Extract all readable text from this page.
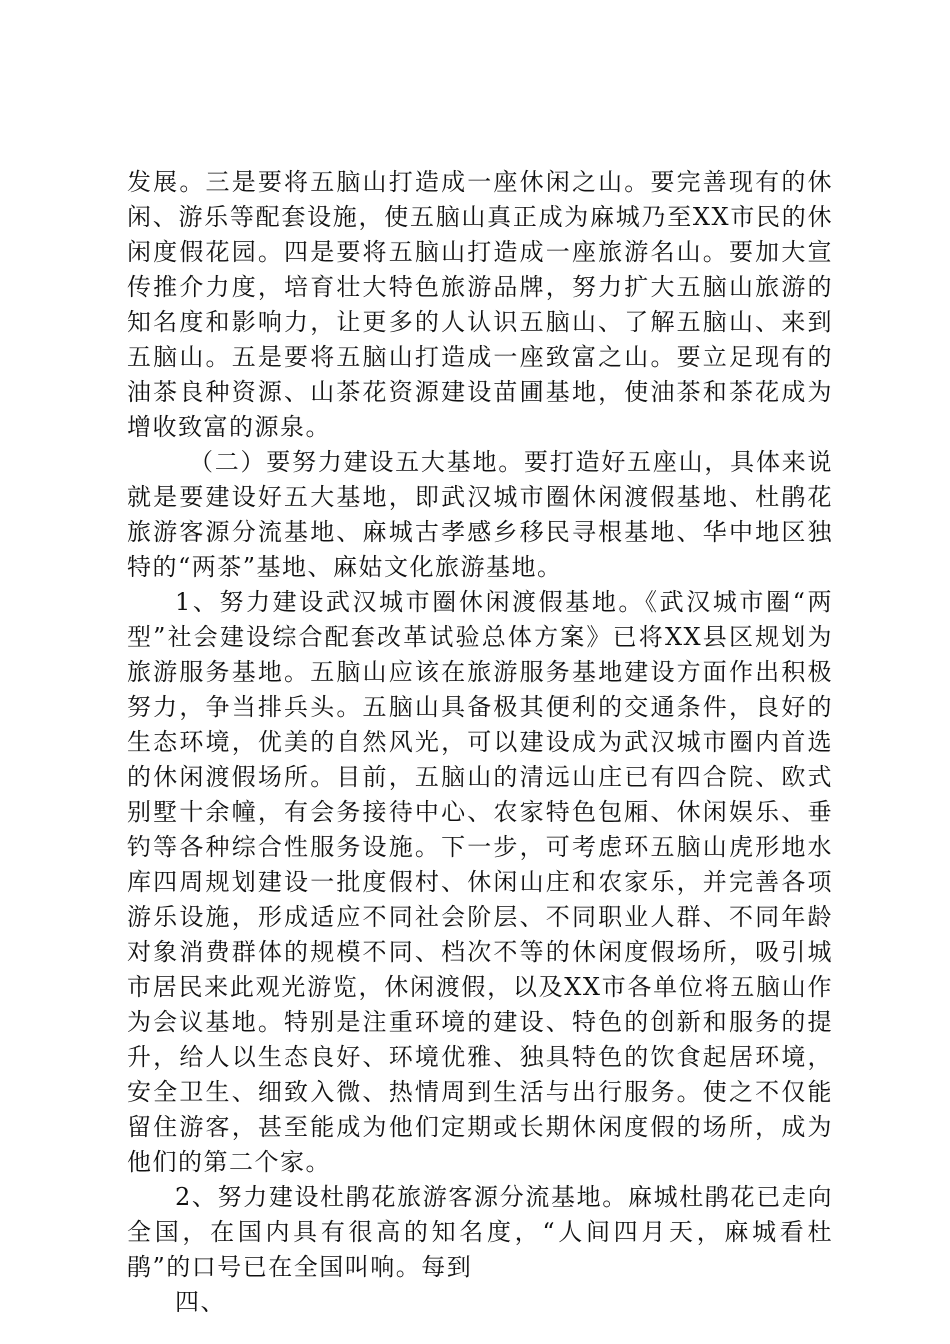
发展。三是要将五脑山打造成一座休闲之山。要完善现有的休闲、游乐等配套设施，使五脑山真正成为麻城乃至XX市民的休闲度假花园。四是要将五脑山打造成一座旅游名山。要加大宣传推介力度，培育壮大特色旅游品牌，努力扩大五脑山旅游的知名度和影响力，让更多的人认识五脑山、了解五脑山、来到五脑山。五是要将五脑山打造成一座致富之山。要立足现有的油茶良种资源、山茶花资源建设苗圃基地，使油茶和茶花成为增收致富的源泉。

（二）要努力建设五大基地。要打造好五座山，具体来说就是要建设好五大基地，即武汉城市圈休闲渡假基地、杜鹃花旅游客源分流基地、麻城古孝感乡移民寻根基地、华中地区独特的“两茶”基地、麻姑文化旅游基地。

1、努力建设武汉城市圈休闲渡假基地。《武汉城市圈“两型”社会建设综合配套改革试验总体方案》已将XX县区规划为旅游服务基地。五脑山应该在旅游服务基地建设方面作出积极努力，争当排兵头。五脑山具备极其便利的交通条件，良好的生态环境，优美的自然风光，可以建设成为武汉城市圈内首选的休闲渡假场所。目前，五脑山的清远山庄已有四合院、欧式别墅十余幢，有会务接待中心、农家特色包厢、休闲娱乐、垂钓等各种综合性服务设施。下一步，可考虑环五脑山虎形地水库四周规划建设一批度假村、休闲山庄和农家乐，并完善各项游乐设施，形成适应不同社会阶层、不同职业人群、不同年龄对象消费群体的规模不同、档次不等的休闲度假场所，吸引城市居民来此观光游览，休闲渡假，以及XX市各单位将五脑山作为会议基地。特别是注重环境的建设、特色的创新和服务的提升，给人以生态良好、环境优雅、独具特色的饮食起居环境，安全卫生、细致入微、热情周到生活与出行服务。使之不仅能留住游客，甚至能成为他们定期或长期休闲度假的场所，成为他们的第二个家。

2、努力建设杜鹃花旅游客源分流基地。麻城杜鹃花已走向全国，在国内具有很高的知名度，“人间四月天，麻城看杜鹃”的口号已在全国叫响。每到

四、
